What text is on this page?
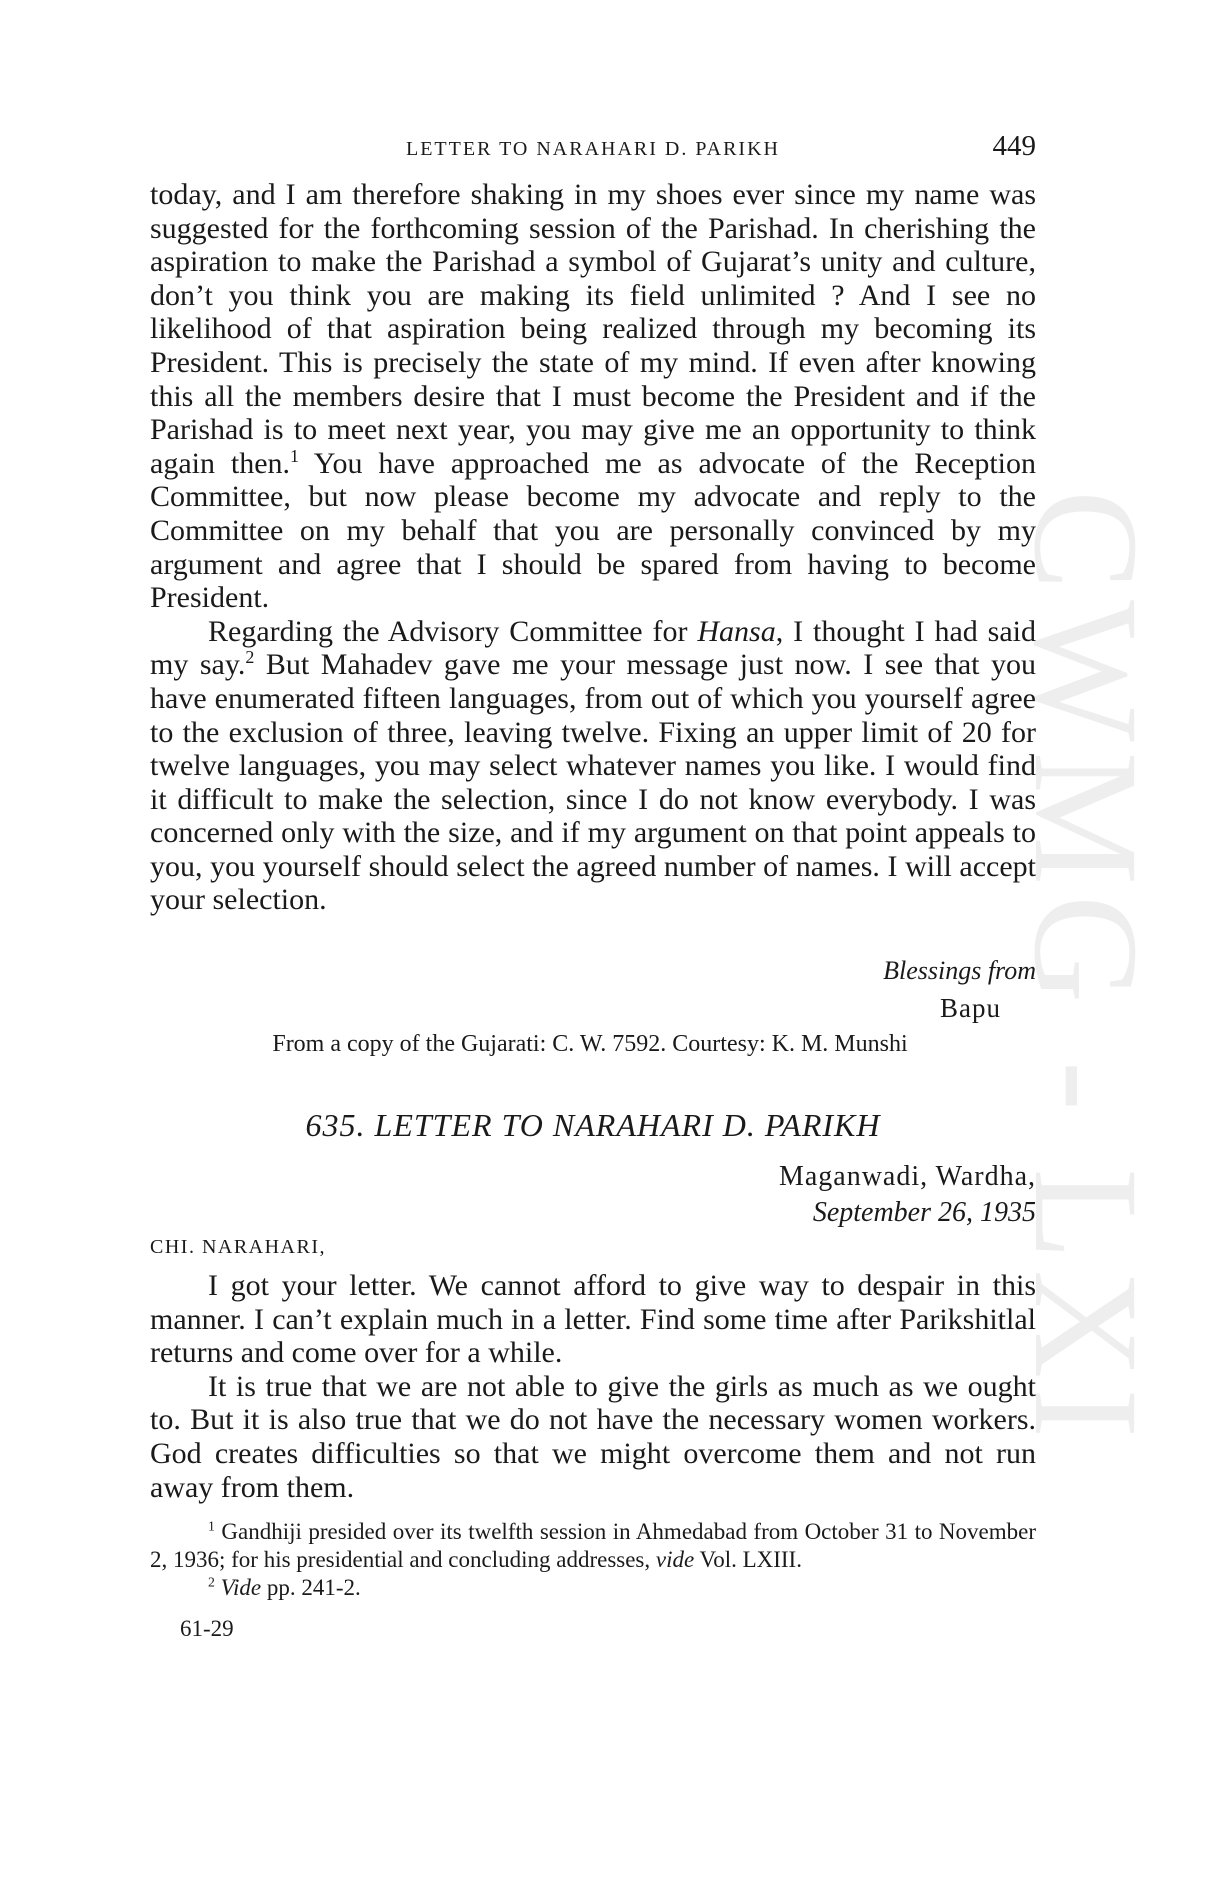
CWMG - LXI
LETTER TO NARAHARI D. PARIKH	449

today, and I am therefore shaking in my shoes ever since my name was suggested for the forthcoming session of the Parishad. In cherishing the aspiration to make the Parishad a symbol of Gujarat’s unity and culture, don’t you think you are making its field unlimited ? And I see no likelihood of that aspiration being realized through my becoming its President. This is precisely the state of my mind. If even after knowing this all the members desire that I must become the President and if the Parishad is to meet next year, you may give me an opportunity to think again then.$^1$ You have approached me as advocate of the Reception Committee, but now please become my advocate and reply to the Committee on my behalf that you are personally convinced by my argument and agree that I should be spared from having to become President.

Regarding the Advisory Committee for Hansa, I thought I had said my say.$^2$ But Mahadev gave me your message just now. I see that you have enumerated fifteen languages, from out of which you yourself agree to the exclusion of three, leaving twelve. Fixing an upper limit of 20 for twelve languages, you may select whatever names you like. I would find it difficult to make the selection, since I do not know everybody. I was concerned only with the size, and if my argument on that point appeals to you, you yourself should select the agreed number of names. I will accept your selection.

Blessings from

Bapu

From a copy of the Gujarati: C. W. 7592. Courtesy: K. M. Munshi

635. LETTER TO NARAHARI D. PARIKH

Maganwadi, Wardha,

September 26, 1935

CHI. NARAHARI,

I got your letter. We cannot afford to give way to despair in this manner. I can’t explain much in a letter. Find some time after Parikshitlal returns and come over for a while.

It is true that we are not able to give the girls as much as we ought to. But it is also true that we do not have the necessary women workers. God creates difficulties so that we might overcome them and not run away from them.

$^1$ Gandhiji presided over its twelfth session in Ahmedabad from October 31 to November 2, 1936; for his presidential and concluding addresses, vide Vol. LXIII.

$^2$ Vide pp. 241-2.

61-29
